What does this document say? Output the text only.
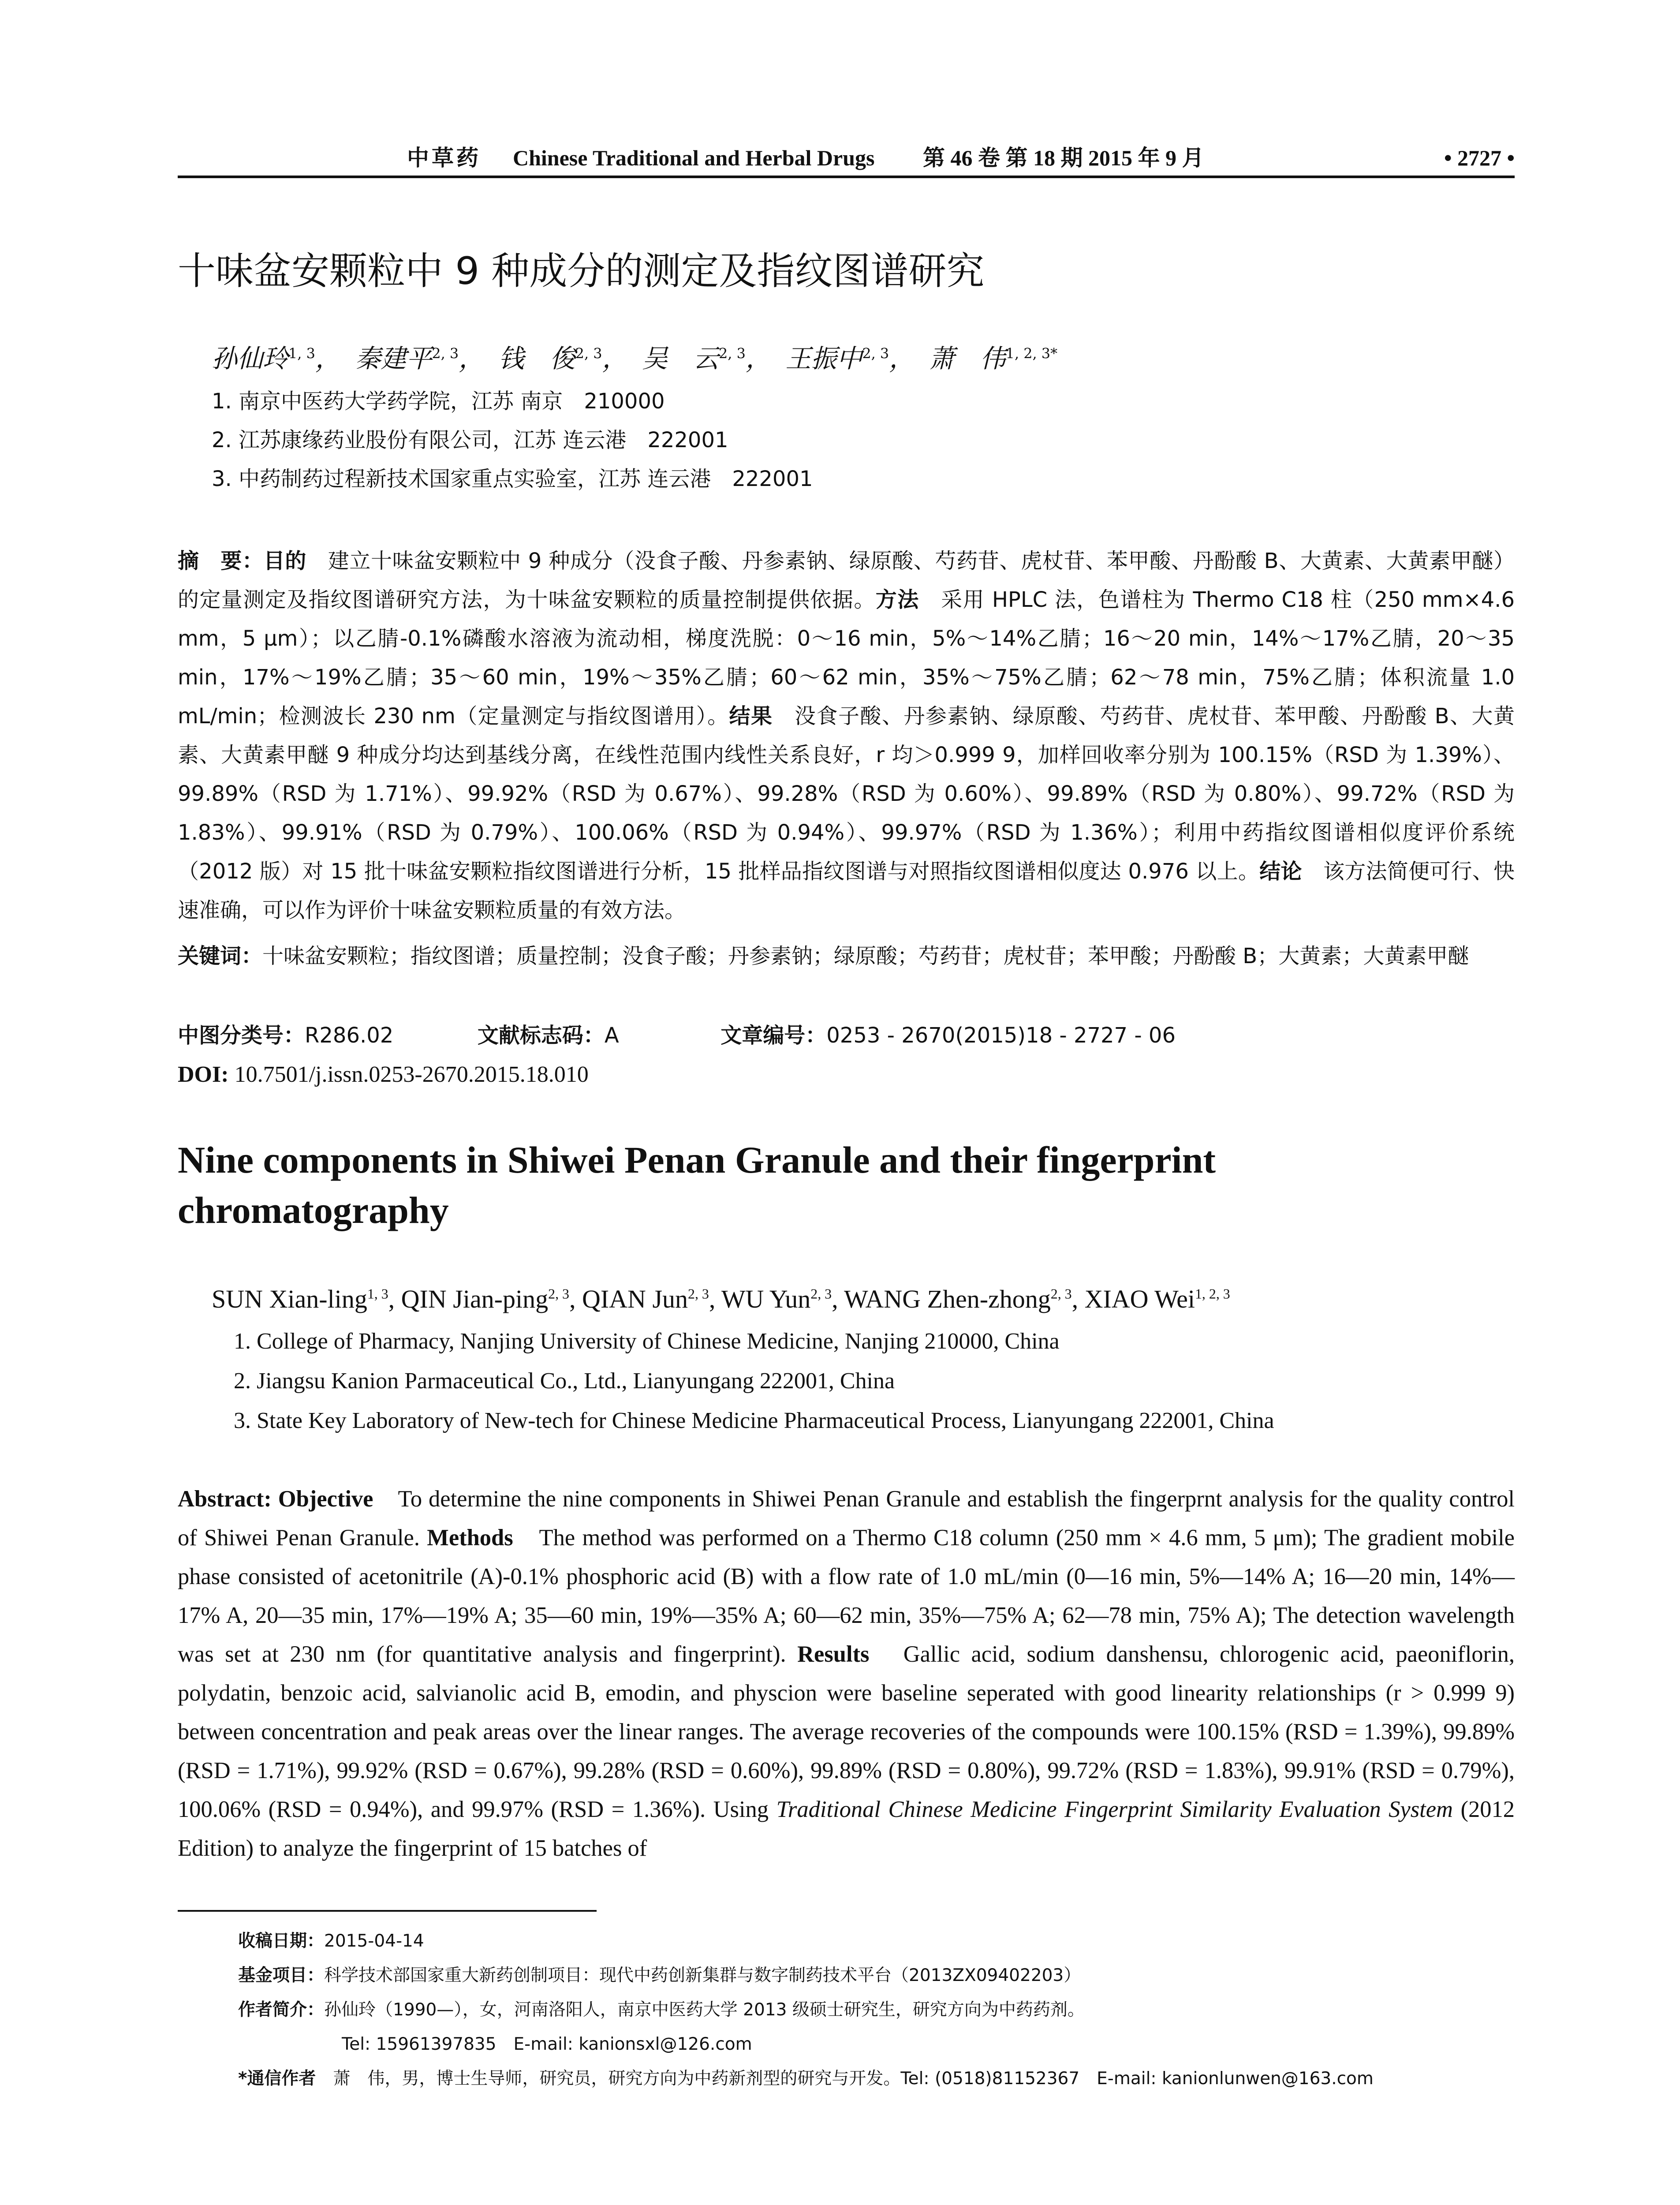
中草药 Chinese Traditional and Herbal Drugs 第 46 卷 第 18 期 2015 年 9 月	• 2727 •
十味盆安颗粒中 9 种成分的测定及指纹图谱研究
孙仙玲$^{1, 3}$， 秦建平$^{2, 3}$， 钱　俊$^{2, 3}$， 吴　云$^{2, 3}$， 王振中$^{2, 3}$， 萧　伟$^{1, 2, 3*}$
1. 南京中医药大学药学院，江苏 南京　210000
2. 江苏康缘药业股份有限公司，江苏 连云港　222001
3. 中药制药过程新技术国家重点实验室，江苏 连云港　222001
摘　要：目的　建立十味盆安颗粒中 9 种成分（没食子酸、丹参素钠、绿原酸、芍药苷、虎杖苷、苯甲酸、丹酚酸 B、大黄素、大黄素甲醚）的定量测定及指纹图谱研究方法，为十味盆安颗粒的质量控制提供依据。方法　采用 HPLC 法，色谱柱为 Thermo C18 柱（250 mm×4.6 mm，5 μm）；以乙腈-0.1%磷酸水溶液为流动相，梯度洗脱：0～16 min，5%～14%乙腈；16～20 min，14%～17%乙腈，20～35 min，17%～19%乙腈；35～60 min，19%～35%乙腈；60～62 min，35%～75%乙腈；62～78 min，75%乙腈；体积流量 1.0 mL/min；检测波长 230 nm（定量测定与指纹图谱用）。结果　没食子酸、丹参素钠、绿原酸、芍药苷、虎杖苷、苯甲酸、丹酚酸 B、大黄素、大黄素甲醚 9 种成分均达到基线分离，在线性范围内线性关系良好，r 均＞0.999 9，加样回收率分别为 100.15%（RSD 为 1.39%）、99.89%（RSD 为 1.71%）、99.92%（RSD 为 0.67%）、99.28%（RSD 为 0.60%）、99.89%（RSD 为 0.80%）、99.72%（RSD 为 1.83%）、99.91%（RSD 为 0.79%）、100.06%（RSD 为 0.94%）、99.97%（RSD 为 1.36%）；利用中药指纹图谱相似度评价系统（2012 版）对 15 批十味盆安颗粒指纹图谱进行分析，15 批样品指纹图谱与对照指纹图谱相似度达 0.976 以上。结论　该方法简便可行、快速准确，可以作为评价十味盆安颗粒质量的有效方法。
关键词：十味盆安颗粒；指纹图谱；质量控制；没食子酸；丹参素钠；绿原酸；芍药苷；虎杖苷；苯甲酸；丹酚酸 B；大黄素；大黄素甲醚
中图分类号：R286.02	文献标志码：A	文章编号：0253 - 2670(2015)18 - 2727 - 06
DOI: 10.7501/j.issn.0253-2670.2015.18.010
Nine components in Shiwei Penan Granule and their fingerprint chromatography
SUN Xian-ling$^{1, 3}$, QIN Jian-ping$^{2, 3}$, QIAN Jun$^{2, 3}$, WU Yun$^{2, 3}$, WANG Zhen-zhong$^{2, 3}$, XIAO Wei$^{1, 2, 3}$
1. College of Pharmacy, Nanjing University of Chinese Medicine, Nanjing 210000, China
2. Jiangsu Kanion Parmaceutical Co., Ltd., Lianyungang 222001, China
3. State Key Laboratory of New-tech for Chinese Medicine Pharmaceutical Process, Lianyungang 222001, China
Abstract: Objective　To determine the nine components in Shiwei Penan Granule and establish the fingerprnt analysis for the quality control of Shiwei Penan Granule. Methods　The method was performed on a Thermo C18 column (250 mm × 4.6 mm, 5 μm); The gradient mobile phase consisted of acetonitrile (A)-0.1% phosphoric acid (B) with a flow rate of 1.0 mL/min (0—16 min, 5%—14% A; 16—20 min, 14%—17% A, 20—35 min, 17%—19% A; 35—60 min, 19%—35% A; 60—62 min, 35%—75% A; 62—78 min, 75% A); The detection wavelength was set at 230 nm (for quantitative analysis and fingerprint). Results　Gallic acid, sodium danshensu, chlorogenic acid, paeoniflorin, polydatin, benzoic acid, salvianolic acid B, emodin, and physcion were baseline seperated with good linearity relationships (r > 0.999 9) between concentration and peak areas over the linear ranges. The average recoveries of the compounds were 100.15% (RSD = 1.39%), 99.89% (RSD = 1.71%), 99.92% (RSD = 0.67%), 99.28% (RSD = 0.60%), 99.89% (RSD = 0.80%), 99.72% (RSD = 1.83%), 99.91% (RSD = 0.79%), 100.06% (RSD = 0.94%), and 99.97% (RSD = 1.36%). Using Traditional Chinese Medicine Fingerprint Similarity Evaluation System (2012 Edition) to analyze the fingerprint of 15 batches of
收稿日期：2015-04-14
基金项目：科学技术部国家重大新药创制项目：现代中药创新集群与数字制药技术平台（2013ZX09402203）
作者简介：孙仙玲（1990—），女，河南洛阳人，南京中医药大学 2013 级硕士研究生，研究方向为中药药剂。
Tel: 15961397835　E-mail: kanionsxl@126.com
*通信作者　萧　伟，男，博士生导师，研究员，研究方向为中药新剂型的研究与开发。Tel: (0518)81152367　E-mail: kanionlunwen@163.com
